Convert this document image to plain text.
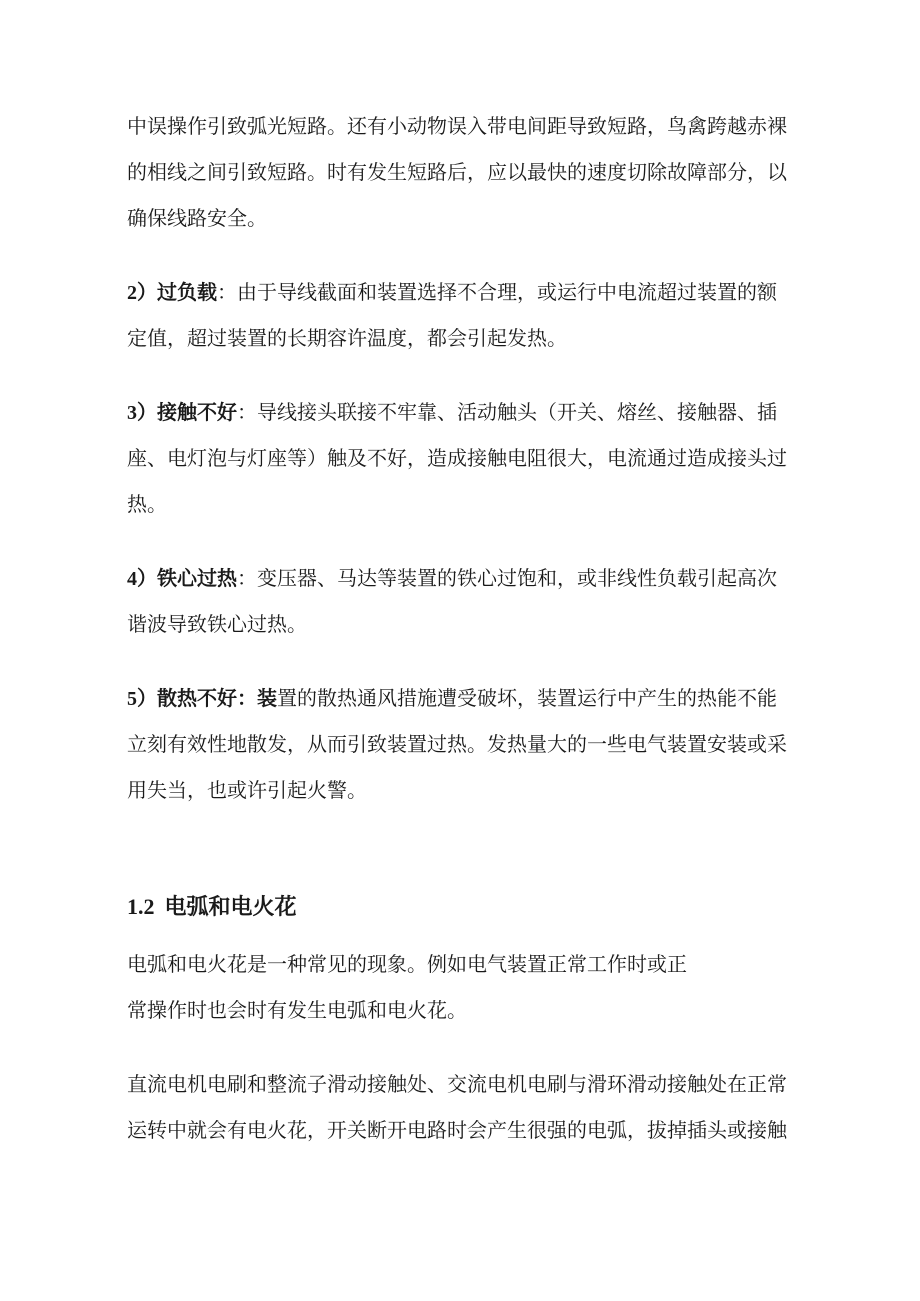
中误操作引致弧光短路。还有小动物误入带电间距导致短路，鸟禽跨越赤裸
的相线之间引致短路。时有发生短路后，应以最快的速度切除故障部分，以
确保线路安全。

2）过负载：由于导线截面和装置选择不合理，或运行中电流超过装置的额
定值，超过装置的长期容许温度，都会引起发热。

3）接触不好：导线接头联接不牢靠、活动触头（开关、熔丝、接触器、插
座、电灯泡与灯座等）触及不好，造成接触电阻很大，电流通过造成接头过
热。

4）铁心过热：变压器、马达等装置的铁心过饱和，或非线性负载引起高次
谐波导致铁心过热。

5）散热不好：装置的散热通风措施遭受破坏，装置运行中产生的热能不能
立刻有效性地散发，从而引致装置过热。发热量大的一些电气装置安装或采
用失当，也或许引起火警。

1.2 电弧和电火花

电弧和电火花是一种常见的现象。例如电气装置正常工作时或正
常操作时也会时有发生电弧和电火花。

直流电机电刷和整流子滑动接触处、交流电机电刷与滑环滑动接触处在正常
运转中就会有电火花，开关断开电路时会产生很强的电弧，拔掉插头或接触
